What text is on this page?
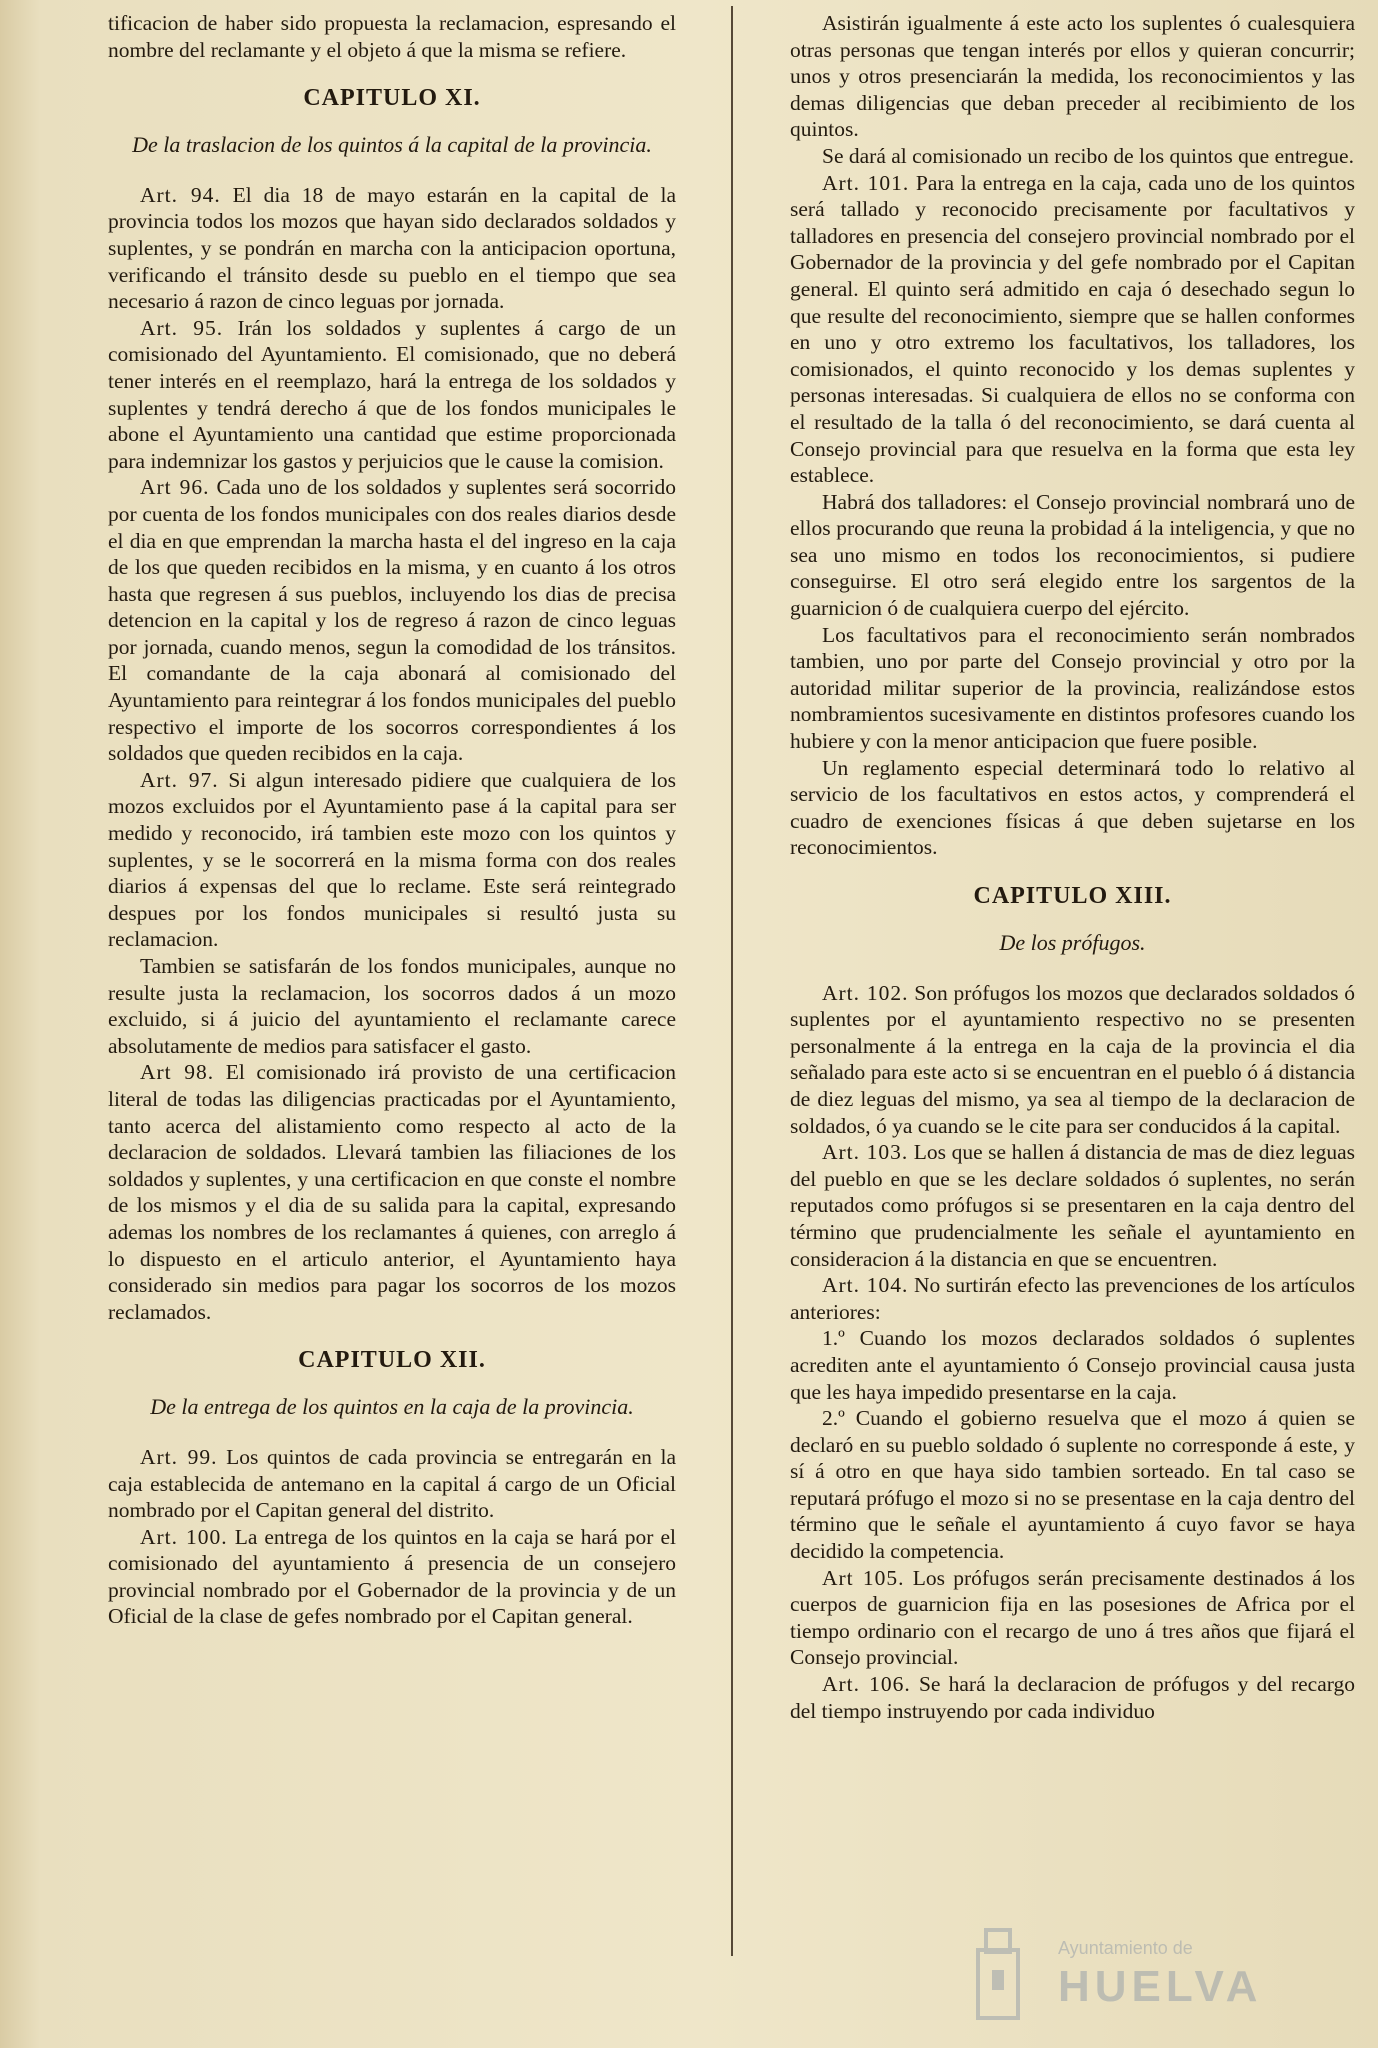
tificacion de haber sido propuesta la reclamacion, espresando el nombre del reclamante y el objeto á que la misma se refiere.

CAPITULO XI.
De la traslacion de los quintos á la capital de la provincia.

Art. 94. El dia 18 de mayo estarán en la capital de la provincia todos los mozos que hayan sido declarados soldados y suplentes, y se pondrán en marcha con la anticipacion oportuna, verificando el tránsito desde su pueblo en el tiempo que sea necesario á razon de cinco leguas por jornada.

Art. 95. Irán los soldados y suplentes á cargo de un comisionado del Ayuntamiento. El comisionado, que no deberá tener interés en el reemplazo, hará la entrega de los soldados y suplentes y tendrá derecho á que de los fondos municipales le abone el Ayuntamiento una cantidad que estime proporcionada para indemnizar los gastos y perjuicios que le cause la comision.

Art 96. Cada uno de los soldados y suplentes será socorrido por cuenta de los fondos municipales con dos reales diarios desde el dia en que emprendan la marcha hasta el del ingreso en la caja de los que queden recibidos en la misma, y en cuanto á los otros hasta que regresen á sus pueblos, incluyendo los dias de precisa detencion en la capital y los de regreso á razon de cinco leguas por jornada, cuando menos, segun la comodidad de los tránsitos. El comandante de la caja abonará al comisionado del Ayuntamiento para reintegrar á los fondos municipales del pueblo respectivo el importe de los socorros correspondientes á los soldados que queden recibidos en la caja.

Art. 97. Si algun interesado pidiere que cualquiera de los mozos excluidos por el Ayuntamiento pase á la capital para ser medido y reconocido, irá tambien este mozo con los quintos y suplentes, y se le socorrerá en la misma forma con dos reales diarios á expensas del que lo reclame. Este será reintegrado despues por los fondos municipales si resultó justa su reclamacion.

Tambien se satisfarán de los fondos municipales, aunque no resulte justa la reclamacion, los socorros dados á un mozo excluido, si á juicio del ayuntamiento el reclamante carece absolutamente de medios para satisfacer el gasto.

Art 98. El comisionado irá provisto de una certificacion literal de todas las diligencias practicadas por el Ayuntamiento, tanto acerca del alistamiento como respecto al acto de la declaracion de soldados. Llevará tambien las filiaciones de los soldados y suplentes, y una certificacion en que conste el nombre de los mismos y el dia de su salida para la capital, expresando ademas los nombres de los reclamantes á quienes, con arreglo á lo dispuesto en el articulo anterior, el Ayuntamiento haya considerado sin medios para pagar los socorros de los mozos reclamados.

CAPITULO XII.
De la entrega de los quintos en la caja de la provincia.

Art. 99. Los quintos de cada provincia se entregarán en la caja establecida de antemano en la capital á cargo de un Oficial nombrado por el Capitan general del distrito.

Art. 100. La entrega de los quintos en la caja se hará por el comisionado del ayuntamiento á presencia de un consejero provincial nombrado por el Gobernador de la provincia y de un Oficial de la clase de gefes nombrado por el Capitan general.

Asistirán igualmente á este acto los suplentes ó cualesquiera otras personas que tengan interés por ellos y quieran concurrir; unos y otros presenciarán la medida, los reconocimientos y las demas diligencias que deban preceder al recibimiento de los quintos.

Se dará al comisionado un recibo de los quintos que entregue.

Art. 101. Para la entrega en la caja, cada uno de los quintos será tallado y reconocido precisamente por facultativos y talladores en presencia del consejero provincial nombrado por el Gobernador de la provincia y del gefe nombrado por el Capitan general. El quinto será admitido en caja ó desechado segun lo que resulte del reconocimiento, siempre que se hallen conformes en uno y otro extremo los facultativos, los talladores, los comisionados, el quinto reconocido y los demas suplentes y personas interesadas. Si cualquiera de ellos no se conforma con el resultado de la talla ó del reconocimiento, se dará cuenta al Consejo provincial para que resuelva en la forma que esta ley establece.

Habrá dos talladores: el Consejo provincial nombrará uno de ellos procurando que reuna la probidad á la inteligencia, y que no sea uno mismo en todos los reconocimientos, si pudiere conseguirse. El otro será elegido entre los sargentos de la guarnicion ó de cualquiera cuerpo del ejército.

Los facultativos para el reconocimiento serán nombrados tambien, uno por parte del Consejo provincial y otro por la autoridad militar superior de la provincia, realizándose estos nombramientos sucesivamente en distintos profesores cuando los hubiere y con la menor anticipacion que fuere posible.

Un reglamento especial determinará todo lo relativo al servicio de los facultativos en estos actos, y comprenderá el cuadro de exenciones físicas á que deben sujetarse en los reconocimientos.

CAPITULO XIII.
De los prófugos.

Art. 102. Son prófugos los mozos que declarados soldados ó suplentes por el ayuntamiento respectivo no se presenten personalmente á la entrega en la caja de la provincia el dia señalado para este acto si se encuentran en el pueblo ó á distancia de diez leguas del mismo, ya sea al tiempo de la declaracion de soldados, ó ya cuando se le cite para ser conducidos á la capital.

Art. 103. Los que se hallen á distancia de mas de diez leguas del pueblo en que se les declare soldados ó suplentes, no serán reputados como prófugos si se presentaren en la caja dentro del término que prudencialmente les señale el ayuntamiento en consideracion á la distancia en que se encuentren.

Art. 104. No surtirán efecto las prevenciones de los artículos anteriores:

1.º Cuando los mozos declarados soldados ó suplentes acrediten ante el ayuntamiento ó Consejo provincial causa justa que les haya impedido presentarse en la caja.

2.º Cuando el gobierno resuelva que el mozo á quien se declaró en su pueblo soldado ó suplente no corresponde á este, y sí á otro en que haya sido tambien sorteado. En tal caso se reputará prófugo el mozo si no se presentase en la caja dentro del término que le señale el ayuntamiento á cuyo favor se haya decidido la competencia.

Art 105. Los prófugos serán precisamente destinados á los cuerpos de guarnicion fija en las posesiones de Africa por el tiempo ordinario con el recargo de uno á tres años que fijará el Consejo provincial.

Art. 106. Se hará la declaracion de prófugos y del recargo del tiempo instruyendo por cada individuo

Ayuntamiento de
HUELVA
